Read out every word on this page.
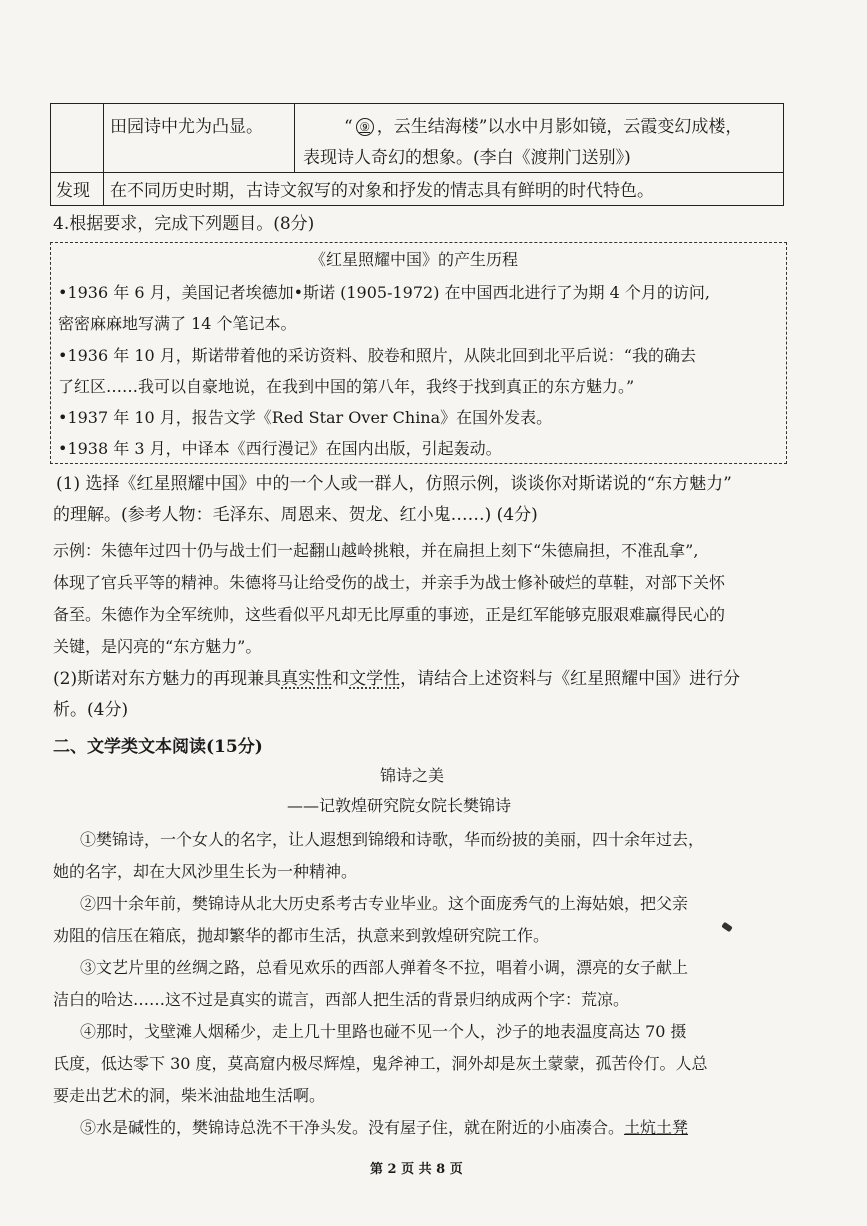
田园诗中尤为凸显。	“ ⑨ ，云生结海楼”以水中月影如镜，云霞变幻成楼，
表现诗人奇幻的想象。(李白《渡荆门送别》)
发现 在不同历史时期，古诗文叙写的对象和抒发的情志具有鲜明的时代特色。
4.根据要求，完成下列题目。(8分)
《红星照耀中国》的产生历程
•1936 年 6 月，美国记者埃德加•斯诺 (1905-1972) 在中国西北进行了为期 4 个月的访问,
密密麻麻地写满了 14 个笔记本。
•1936 年 10 月，斯诺带着他的采访资料、胶卷和照片，从陕北回到北平后说：“我的确去
了红区……我可以自豪地说，在我到中国的第八年，我终于找到真正的东方魅力。”
•1937 年 10 月，报告文学《Red Star Over China》在国外发表。
•1938 年 3 月，中译本《西行漫记》在国内出版，引起轰动。
(1) 选择《红星照耀中国》中的一个人或一群人，仿照示例，谈谈你对斯诺说的“东方魅力”
的理解。(参考人物：毛泽东、周恩来、贺龙、红小鬼……) (4分)
示例：朱德年过四十仍与战士们一起翻山越岭挑粮，并在扁担上刻下“朱德扁担，不准乱拿”,
体现了官兵平等的精神。朱德将马让给受伤的战士，并亲手为战士修补破烂的草鞋，对部下关怀
备至。朱德作为全军统帅，这些看似平凡却无比厚重的事迹，正是红军能够克服艰难赢得民心的
关键，是闪亮的“东方魅力”。
(2)斯诺对东方魅力的再现兼具真实性和文学性，请结合上述资料与《红星照耀中国》进行分
析。(4分)
二、文学类文本阅读(15分)
锦诗之美
——记敦煌研究院女院长樊锦诗
①樊锦诗，一个女人的名字，让人遐想到锦缎和诗歌，华而纷披的美丽，四十余年过去，
她的名字，却在大风沙里生长为一种精神。
②四十余年前，樊锦诗从北大历史系考古专业毕业。这个面庞秀气的上海姑娘，把父亲
劝阻的信压在箱底，抛却繁华的都市生活，执意来到敦煌研究院工作。
③文艺片里的丝绸之路，总看见欢乐的西部人弹着冬不拉，唱着小调，漂亮的女子献上
洁白的哈达……这不过是真实的谎言，西部人把生活的背景归纳成两个字：荒凉。
④那时，戈壁滩人烟稀少，走上几十里路也碰不见一个人，沙子的地表温度高达 70 摄
氏度，低达零下 30 度，莫高窟内极尽辉煌，鬼斧神工，洞外却是灰土蒙蒙，孤苦伶仃。人总
要走出艺术的洞，柴米油盐地生活啊。
⑤水是碱性的，樊锦诗总洗不干净头发。没有屋子住，就在附近的小庙凑合。土炕土凳
第 2 页 共 8 页
